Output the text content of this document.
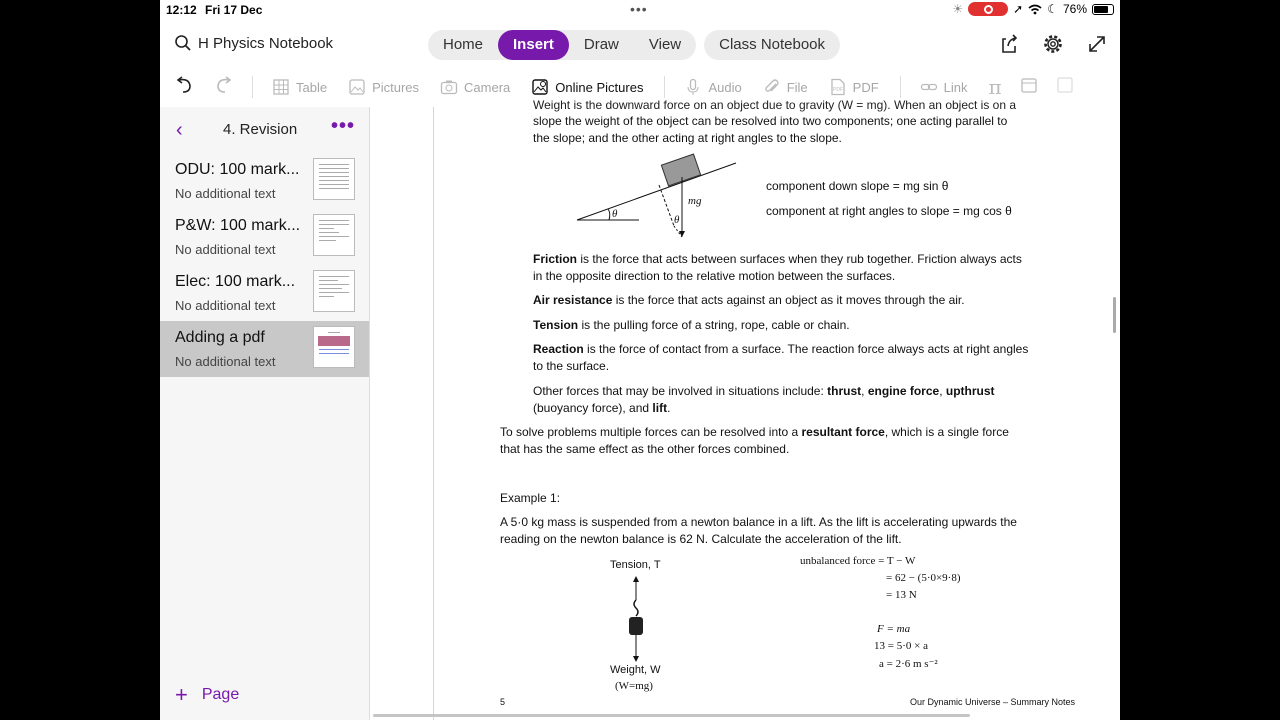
12:12 Fri 17 Dec	•••	☀	➚ ☾ 76%
H Physics Notebook	Home	Insert	Draw	View	Class Notebook
Table	Pictures	Camera	Online Pictures	Audio	File	PDF PDF	Link π
‹	4. Revision •••
ODU: 100 mark...
No additional text
P&W: 100 mark...
No additional text
Elec: 100 mark...
No additional text
Adding a pdf
No additional text
+ Page
Weight is the downward force on an object due to gravity (W = mg). When an object is on a
slope the weight of the object can be resolved into two components; one acting parallel to
the slope; and the other acting at right angles to the slope.
θ	θ
mg
component down slope = mg sin θ
component at right angles to slope = mg cos θ
Friction is the force that acts between surfaces when they rub together. Friction always acts
in the opposite direction to the relative motion between the surfaces.
Air resistance is the force that acts against an object as it moves through the air.
Tension is the pulling force of a string, rope, cable or chain.
Reaction is the force of contact from a surface. The reaction force always acts at right angles
to the surface.
Other forces that may be involved in situations include: thrust, engine force, upthrust
(buoyancy force), and lift.
To solve problems multiple forces can be resolved into a resultant force, which is a single force
that has the same effect as the other forces combined.
Example 1:
A 5·0 kg mass is suspended from a newton balance in a lift. As the lift is accelerating upwards the
reading on the newton balance is 62 N. Calculate the acceleration of the lift.
Tension, T
Weight, W
(W=mg)
unbalanced force = T − W
= 62 − (5·0×9·8)
= 13 N
F = ma
13 = 5·0 × a
a = 2·6 m s⁻²
5	Our Dynamic Universe – Summary Notes
